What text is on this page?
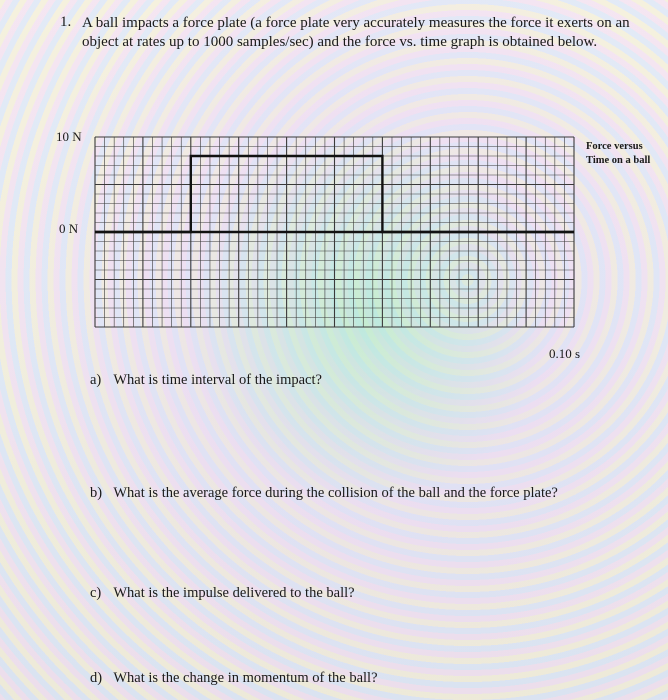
1. A ball impacts a force plate (a force plate very accurately measures the force it exerts on an object at rates up to 1000 samples/sec) and the force vs. time graph is obtained below.
10 N
0 N
0.10 s
Force versus Time on a ball
a) What is time interval of the impact?
b) What is the average force during the collision of the ball and the force plate?
c) What is the impulse delivered to the ball?
d) What is the change in momentum of the ball?
